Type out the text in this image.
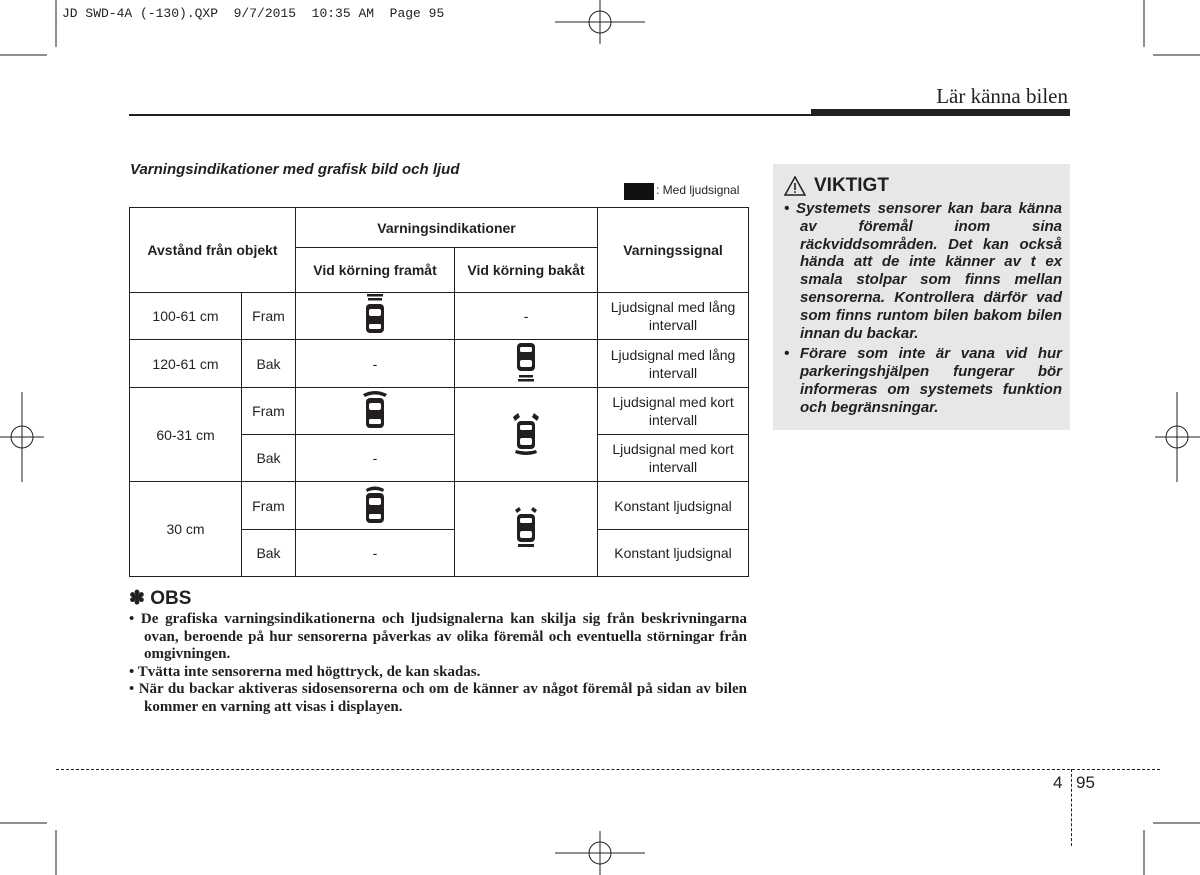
JD SWD-4A (-130).QXP  9/7/2015  10:35 AM  Page 95
Lär känna bilen
Varningsindikationer med grafisk bild och ljud
: Med ljudsignal
Avstånd från objekt		Varningsindikationer		Varningssignal
		Vid körning framåt	Vid körning bakåt	
100-61 cm	Fram		-	Ljudsignal med lång intervall
120-61 cm	Bak	-		Ljudsignal med lång intervall
60-31 cm	Fram			Ljudsignal med kort intervall
	Bak	-		Ljudsignal med kort intervall
30 cm	Fram			Konstant ljudsignal
	Bak	-		Konstant ljudsignal
VIKTIGT
• Systemets sensorer kan bara känna av föremål inom sina räckviddsområden. Det kan också hända att de inte känner av t ex smala stolpar som finns mellan sensorerna. Kontrollera därför vad som finns runtom bilen bakom bilen innan du backar.
• Förare som inte är vana vid hur parkeringshjälpen fungerar bör informeras om systemets funktion och begränsningar.
✽ OBS
• De grafiska varningsindikationerna och ljudsignalerna kan skilja sig från beskrivningarna ovan, beroende på hur sensorerna påverkas av olika föremål och eventuella störningar från omgivningen.
• Tvätta inte sensorerna med högttryck, de kan skadas.
• När du backar aktiveras sidosensorerna och om de känner av något föremål på sidan av bilen kommer en varning att visas i displayen.
4 95
